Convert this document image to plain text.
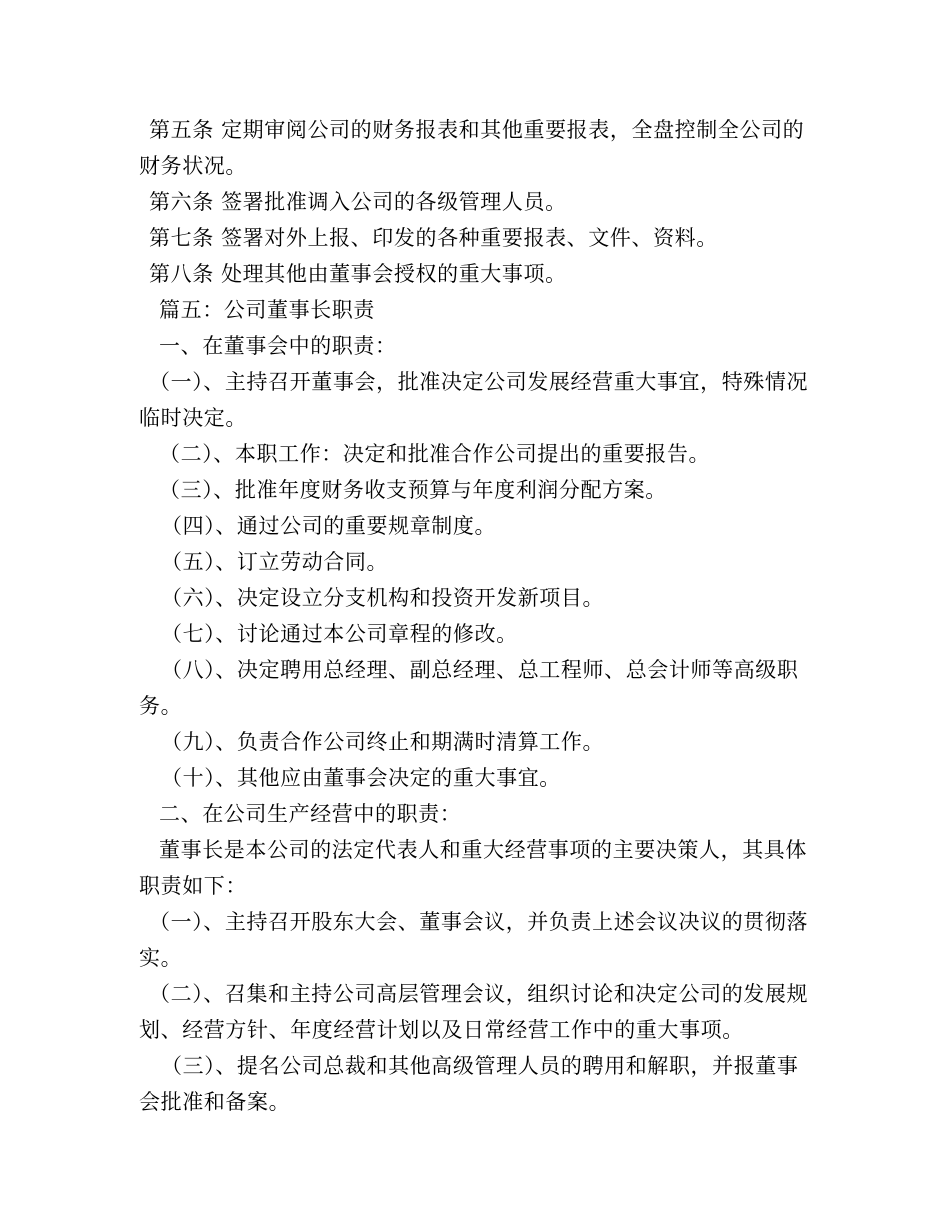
第五条 定期审阅公司的财务报表和其他重要报表，全盘控制全公司的财务状况。

第六条 签署批准调入公司的各级管理人员。

第七条 签署对外上报、印发的各种重要报表、文件、资料。

第八条 处理其他由董事会授权的重大事项。

篇五：公司董事长职责

一、在董事会中的职责：

（一）、主持召开董事会，批准决定公司发展经营重大事宜，特殊情况临时决定。

（二）、本职工作：决定和批准合作公司提出的重要报告。

（三）、批准年度财务收支预算与年度利润分配方案。

（四）、通过公司的重要规章制度。

（五）、订立劳动合同。

（六）、决定设立分支机构和投资开发新项目。

（七）、讨论通过本公司章程的修改。

（八）、决定聘用总经理、副总经理、总工程师、总会计师等高级职务。

（九）、负责合作公司终止和期满时清算工作。

（十）、其他应由董事会决定的重大事宜。

二、在公司生产经营中的职责：

董事长是本公司的法定代表人和重大经营事项的主要决策人，其具体职责如下：

（一）、主持召开股东大会、董事会议，并负责上述会议决议的贯彻落实。

（二）、召集和主持公司高层管理会议，组织讨论和决定公司的发展规划、经营方针、年度经营计划以及日常经营工作中的重大事项。

（三）、提名公司总裁和其他高级管理人员的聘用和解职，并报董事会批准和备案。
